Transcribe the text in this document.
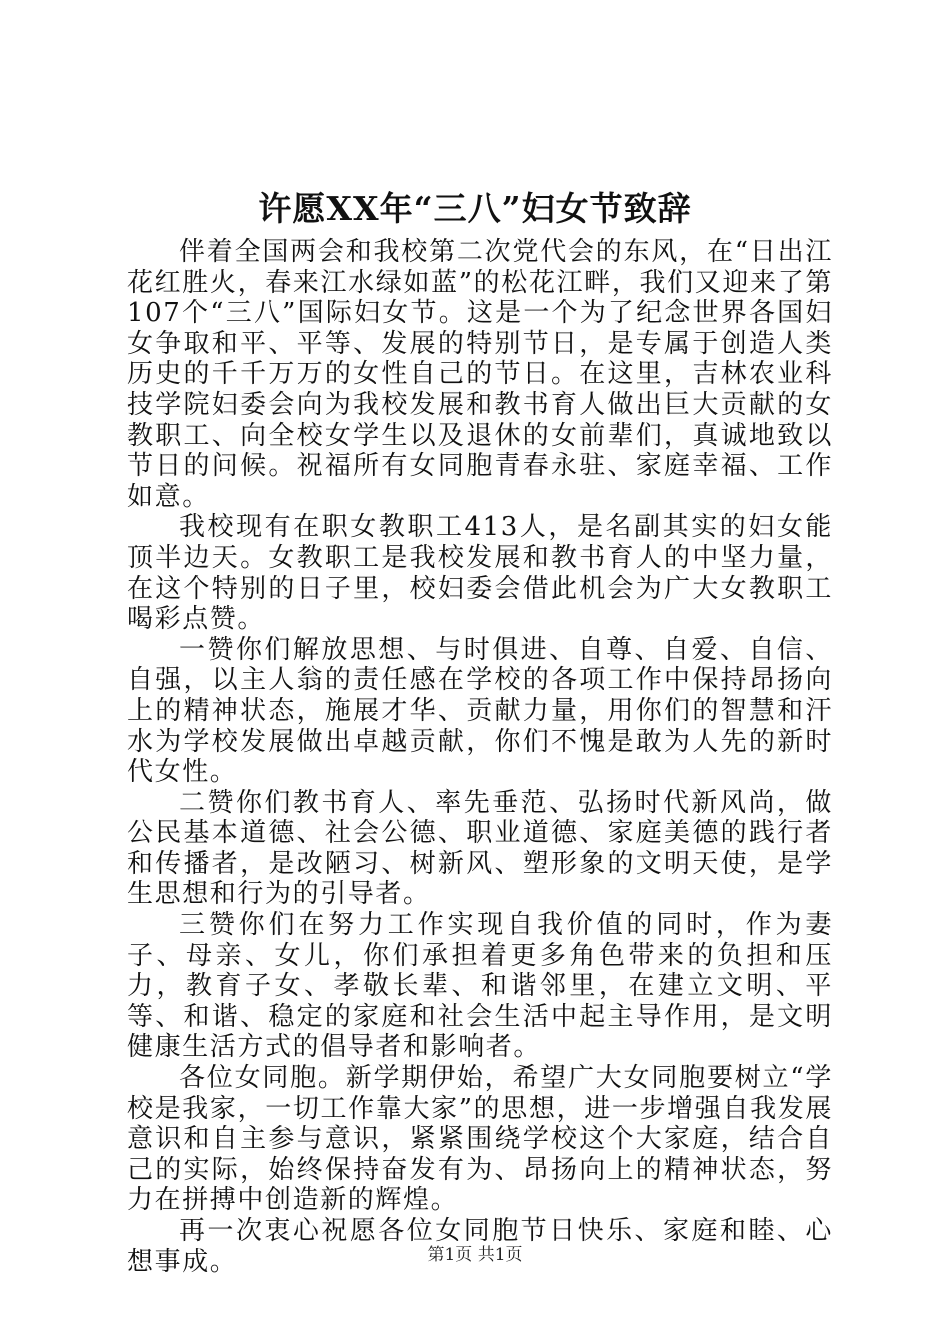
许愿XX年“三八”妇女节致辞

伴着全国两会和我校第二次党代会的东风，在“日出江花红胜火，春来江水绿如蓝”的松花江畔，我们又迎来了第107个“三八”国际妇女节。这是一个为了纪念世界各国妇女争取和平、平等、发展的特别节日，是专属于创造人类历史的千千万万的女性自己的节日。在这里，吉林农业科技学院妇委会向为我校发展和教书育人做出巨大贡献的女教职工、向全校女学生以及退休的女前辈们，真诚地致以节日的问候。祝福所有女同胞青春永驻、家庭幸福、工作如意。

我校现有在职女教职工413人，是名副其实的妇女能顶半边天。女教职工是我校发展和教书育人的中坚力量，在这个特别的日子里，校妇委会借此机会为广大女教职工喝彩点赞。

一赞你们解放思想、与时俱进、自尊、自爱、自信、自强，以主人翁的责任感在学校的各项工作中保持昂扬向上的精神状态，施展才华、贡献力量，用你们的智慧和汗水为学校发展做出卓越贡献，你们不愧是敢为人先的新时代女性。

二赞你们教书育人、率先垂范、弘扬时代新风尚，做公民基本道德、社会公德、职业道德、家庭美德的践行者和传播者，是改陋习、树新风、塑形象的文明天使，是学生思想和行为的引导者。

三赞你们在努力工作实现自我价值的同时，作为妻子、母亲、女儿，你们承担着更多角色带来的负担和压力，教育子女、孝敬长辈、和谐邻里，在建立文明、平等、和谐、稳定的家庭和社会生活中起主导作用，是文明健康生活方式的倡导者和影响者。

各位女同胞。新学期伊始，希望广大女同胞要树立“学校是我家，一切工作靠大家”的思想，进一步增强自我发展意识和自主参与意识，紧紧围绕学校这个大家庭，结合自己的实际，始终保持奋发有为、昂扬向上的精神状态，努力在拼搏中创造新的辉煌。

再一次衷心祝愿各位女同胞节日快乐、家庭和睦、心想事成。	第1页 共1页
